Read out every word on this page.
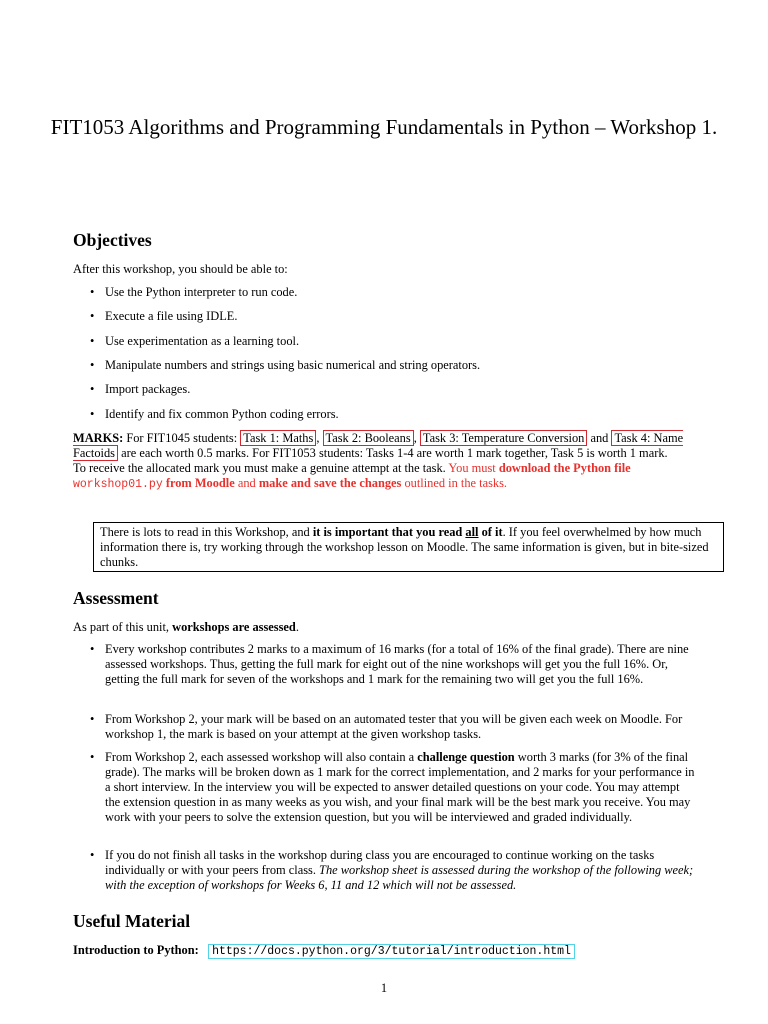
FIT1053 Algorithms and Programming Fundamentals in Python – Workshop 1.
Objectives
After this workshop, you should be able to:
• Use the Python interpreter to run code.
• Execute a file using IDLE.
• Use experimentation as a learning tool.
• Manipulate numbers and strings using basic numerical and string operators.
• Import packages.
• Identify and fix common Python coding errors.
MARKS: For FIT1045 students: Task 1: Maths , Task 2: Booleans , Task 3: Temperature Conversion and Task 4: Name Factoids are each worth 0.5 marks. For FIT1053 students: Tasks 1-4 are worth 1 mark together, Task 5 is worth 1 mark.
To receive the allocated mark you must make a genuine attempt at the task. You must download the Python file workshop01.py from Moodle and make and save the changes outlined in the tasks.
There is lots to read in this Workshop, and it is important that you read all of it. If you feel overwhelmed by how much information there is, try working through the workshop lesson on Moodle. The same information is given, but in bite-sized chunks.
Assessment
As part of this unit, workshops are assessed.
• Every workshop contributes 2 marks to a maximum of 16 marks (for a total of 16% of the final grade). There are nine assessed workshops. Thus, getting the full mark for eight out of the nine workshops will get you the full 16%. Or, getting the full mark for seven of the workshops and 1 mark for the remaining two will get you the full 16%.
• From Workshop 2, your mark will be based on an automated tester that you will be given each week on Moodle. For workshop 1, the mark is based on your attempt at the given workshop tasks.
• From Workshop 2, each assessed workshop will also contain a challenge question worth 3 marks (for 3% of the final grade). The marks will be broken down as 1 mark for the correct implementation, and 2 marks for your performance in a short interview. In the interview you will be expected to answer detailed questions on your code. You may attempt the extension question in as many weeks as you wish, and your final mark will be the best mark you receive. You may work with your peers to solve the extension question, but you will be interviewed and graded individually.
• If you do not finish all tasks in the workshop during class you are encouraged to continue working on the tasks individually or with your peers from class. The workshop sheet is assessed during the workshop of the following week; with the exception of workshops for Weeks 6, 11 and 12 which will not be assessed.
Useful Material
Introduction to Python: https://docs.python.org/3/tutorial/introduction.html
1
